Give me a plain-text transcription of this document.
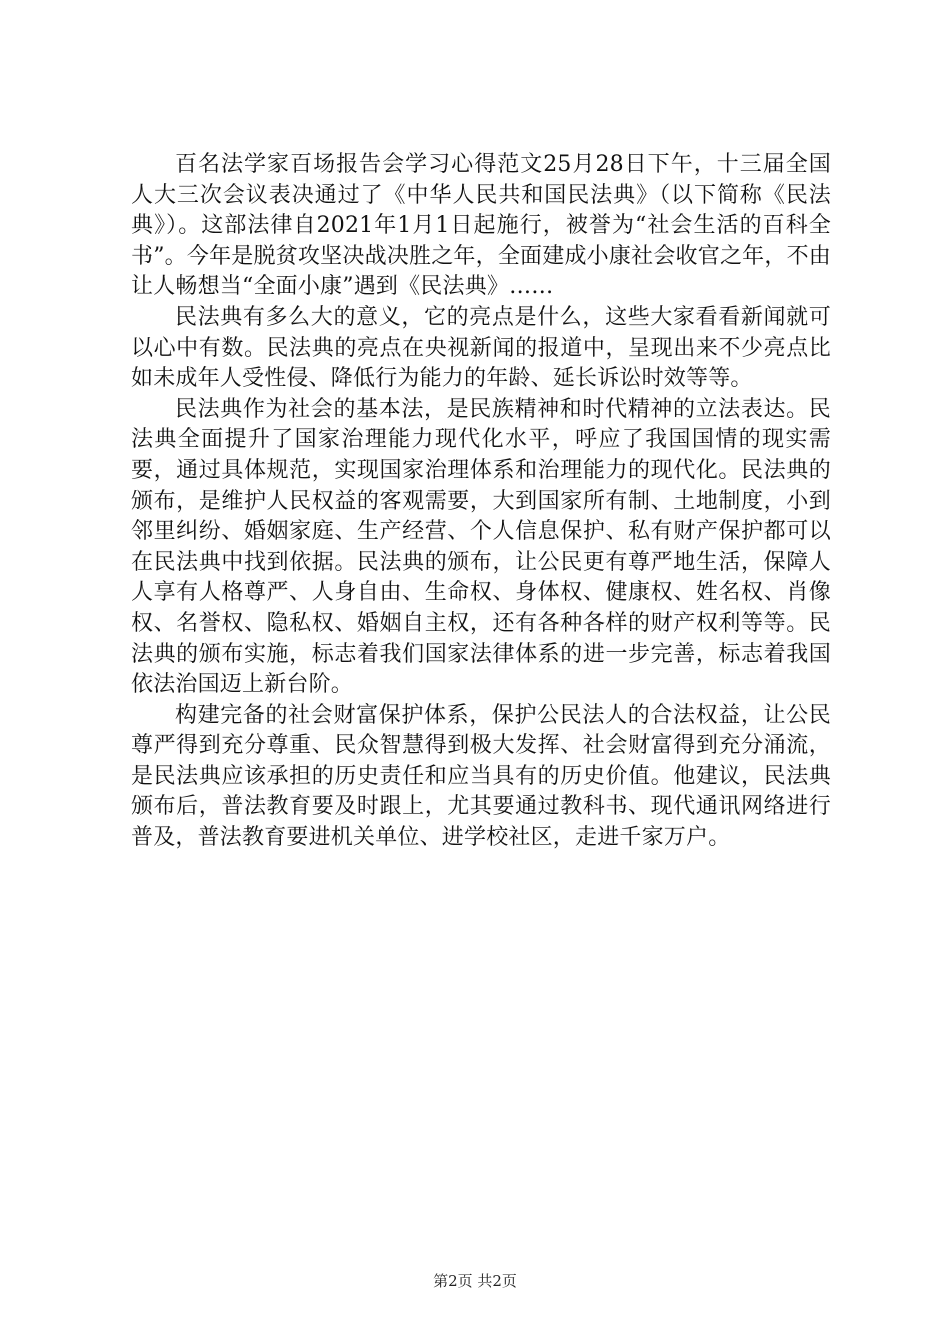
百名法学家百场报告会学习心得范文25月28日下午，十三届全国人大三次会议表决通过了《中华人民共和国民法典》（以下简称《民法典》）。这部法律自2021年1月1日起施行，被誉为“社会生活的百科全书”。今年是脱贫攻坚决战决胜之年，全面建成小康社会收官之年，不由让人畅想当“全面小康”遇到《民法典》……

民法典有多么大的意义，它的亮点是什么，这些大家看看新闻就可以心中有数。民法典的亮点在央视新闻的报道中，呈现出来不少亮点比如未成年人受性侵、降低行为能力的年龄、延长诉讼时效等等。

民法典作为社会的基本法，是民族精神和时代精神的立法表达。民法典全面提升了国家治理能力现代化水平，呼应了我国国情的现实需要，通过具体规范，实现国家治理体系和治理能力的现代化。民法典的颁布，是维护人民权益的客观需要，大到国家所有制、土地制度，小到邻里纠纷、婚姻家庭、生产经营、个人信息保护、私有财产保护都可以在民法典中找到依据。民法典的颁布，让公民更有尊严地生活，保障人人享有人格尊严、人身自由、生命权、身体权、健康权、姓名权、肖像权、名誉权、隐私权、婚姻自主权，还有各种各样的财产权利等等。民法典的颁布实施，标志着我们国家法律体系的进一步完善，标志着我国依法治国迈上新台阶。

构建完备的社会财富保护体系，保护公民法人的合法权益，让公民尊严得到充分尊重、民众智慧得到极大发挥、社会财富得到充分涌流，是民法典应该承担的历史责任和应当具有的历史价值。他建议，民法典颁布后，普法教育要及时跟上，尤其要通过教科书、现代通讯网络进行普及，普法教育要进机关单位、进学校社区，走进千家万户。

第2页 共2页
